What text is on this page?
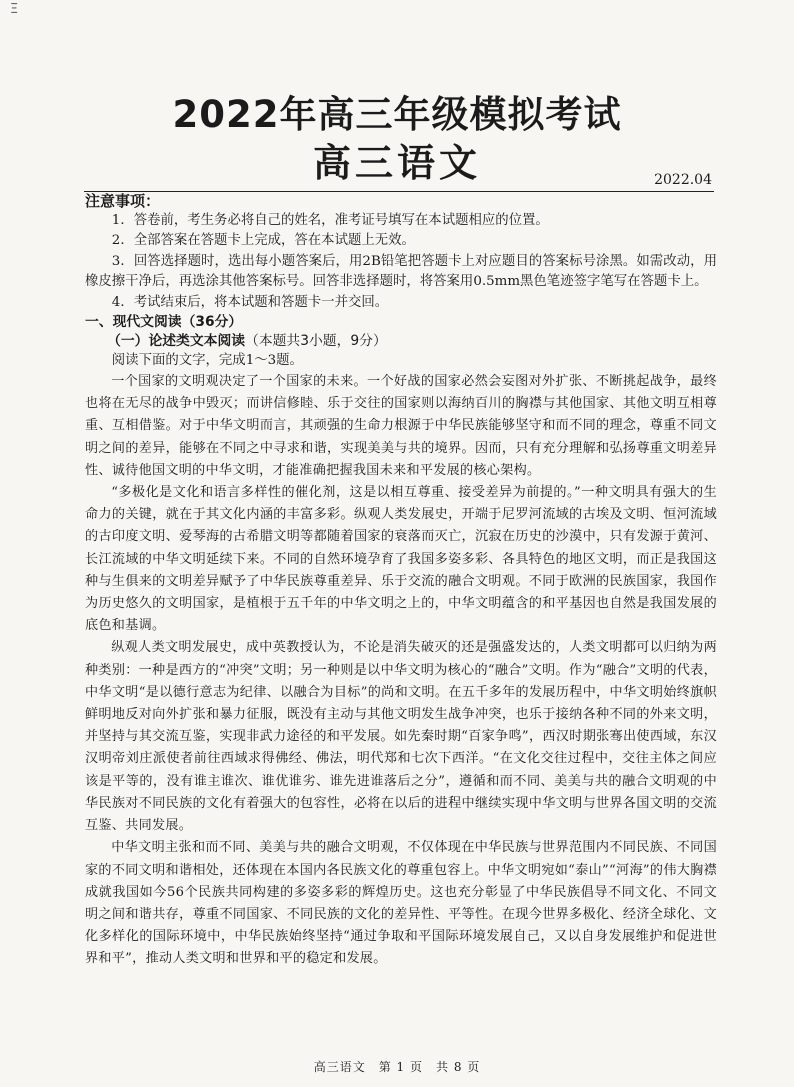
Ξ
2022年高三年级模拟考试
高三语文	2022.04
注意事项：

1．答卷前，考生务必将自己的姓名，准考证号填写在本试题相应的位置。

2．全部答案在答题卡上完成，答在本试题上无效。

3．回答选择题时，选出每小题答案后，用2B铅笔把答题卡上对应题目的答案标号涂黑。如需改动，用橡皮擦干净后，再选涂其他答案标号。回答非选择题时，将答案用0.5mm黑色笔迹签字笔写在答题卡上。

4．考试结束后，将本试题和答题卡一并交回。

一、现代文阅读（36分）

（一）论述类文本阅读（本题共3小题，9分）

阅读下面的文字，完成1～3题。

一个国家的文明观决定了一个国家的未来。一个好战的国家必然会妄图对外扩张、不断挑起战争，最终也将在无尽的战争中毁灭；而讲信修睦、乐于交往的国家则以海纳百川的胸襟与其他国家、其他文明互相尊重、互相借鉴。对于中华文明而言，其顽强的生命力根源于中华民族能够坚守和而不同的理念，尊重不同文明之间的差异，能够在不同之中寻求和谐，实现美美与共的境界。因而，只有充分理解和弘扬尊重文明差异性、诚待他国文明的中华文明，才能准确把握我国未来和平发展的核心架构。

“多极化是文化和语言多样性的催化剂，这是以相互尊重、接受差异为前提的。”一种文明具有强大的生命力的关键，就在于其文化内涵的丰富多彩。纵观人类发展史，开端于尼罗河流域的古埃及文明、恒河流域的古印度文明、爱琴海的古希腊文明等都随着国家的衰落而灭亡，沉寂在历史的沙漠中，只有发源于黄河、长江流域的中华文明延续下来。不同的自然环境孕育了我国多姿多彩、各具特色的地区文明，而正是我国这种与生俱来的文明差异赋予了中华民族尊重差异、乐于交流的融合文明观。不同于欧洲的民族国家，我国作为历史悠久的文明国家，是植根于五千年的中华文明之上的，中华文明蕴含的和平基因也自然是我国发展的底色和基调。

纵观人类文明发展史，成中英教授认为，不论是消失破灭的还是强盛发达的，人类文明都可以归纳为两种类别：一种是西方的“冲突”文明；另一种则是以中华文明为核心的“融合”文明。作为“融合”文明的代表，中华文明“是以德行意志为纪律、以融合为目标”的尚和文明。在五千多年的发展历程中，中华文明始终旗帜鲜明地反对向外扩张和暴力征服，既没有主动与其他文明发生战争冲突，也乐于接纳各种不同的外来文明，并坚持与其交流互鉴，实现非武力途径的和平发展。如先秦时期“百家争鸣”，西汉时期张骞出使西域，东汉汉明帝刘庄派使者前往西域求得佛经、佛法，明代郑和七次下西洋。“在文化交往过程中，交往主体之间应该是平等的，没有谁主谁次、谁优谁劣、谁先进谁落后之分”，遵循和而不同、美美与共的融合文明观的中华民族对不同民族的文化有着强大的包容性，必将在以后的进程中继续实现中华文明与世界各国文明的交流互鉴、共同发展。

中华文明主张和而不同、美美与共的融合文明观，不仅体现在中华民族与世界范围内不同民族、不同国家的不同文明和谐相处，还体现在本国内各民族文化的尊重包容上。中华文明宛如“泰山”“河海”的伟大胸襟成就我国如今56个民族共同构建的多姿多彩的辉煌历史。这也充分彰显了中华民族倡导不同文化、不同文明之间和谐共存，尊重不同国家、不同民族的文化的差异性、平等性。在现今世界多极化、经济全球化、文化多样化的国际环境中，中华民族始终坚持“通过争取和平国际环境发展自己，又以自身发展维护和促进世界和平”，推动人类文明和世界和平的稳定和发展。

高三语文　第 1 页　共 8 页
